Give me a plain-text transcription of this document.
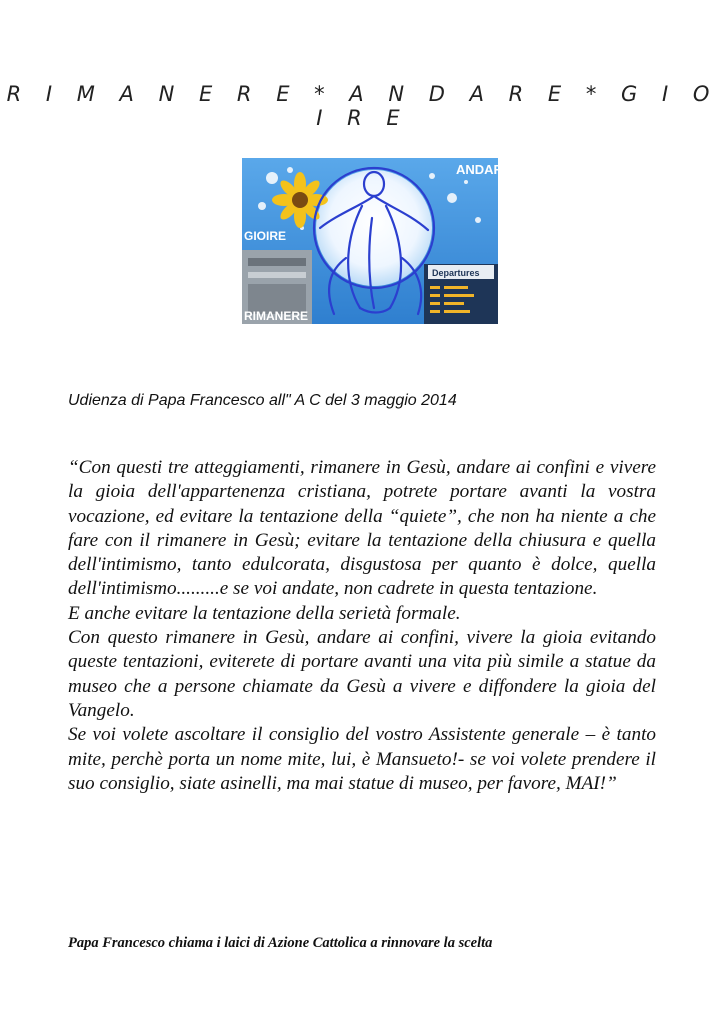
R I M A N E R E * A N D A R E * G I O I R E
ANDARE
GIOIRE
RIMANERE
Departures
Udienza di Papa Francesco all" A C del 3 maggio 2014

“Con questi tre atteggiamenti, rimanere in Gesù, andare ai confini e vivere la gioia dell'appartenenza cristiana, potrete portare avanti la vostra vocazione, ed evitare la tentazione della “quiete”, che non ha niente a che fare con il rimanere in Gesù; evitare la tentazione della chiusura e quella dell'intimismo, tanto edulcorata, disgustosa per quanto è dolce, quella dell'intimismo.........e se voi andate, non cadrete in questa tentazione.

E anche evitare la tentazione della serietà formale.

Con questo rimanere in Gesù, andare ai confini, vivere la gioia evitando queste tentazioni, eviterete di portare avanti una vita più simile a statue da museo che a persone chiamate da Gesù a vivere e diffondere la gioia del Vangelo.

Se voi volete ascoltare il consiglio del vostro Assistente generale – è tanto mite, perchè porta un nome mite, lui, è Mansueto!- se voi volete prendere il suo consiglio, siate asinelli, ma mai statue di museo, per favore, MAI!”

Papa Francesco chiama i laici di Azione Cattolica a rinnovare la scelta
